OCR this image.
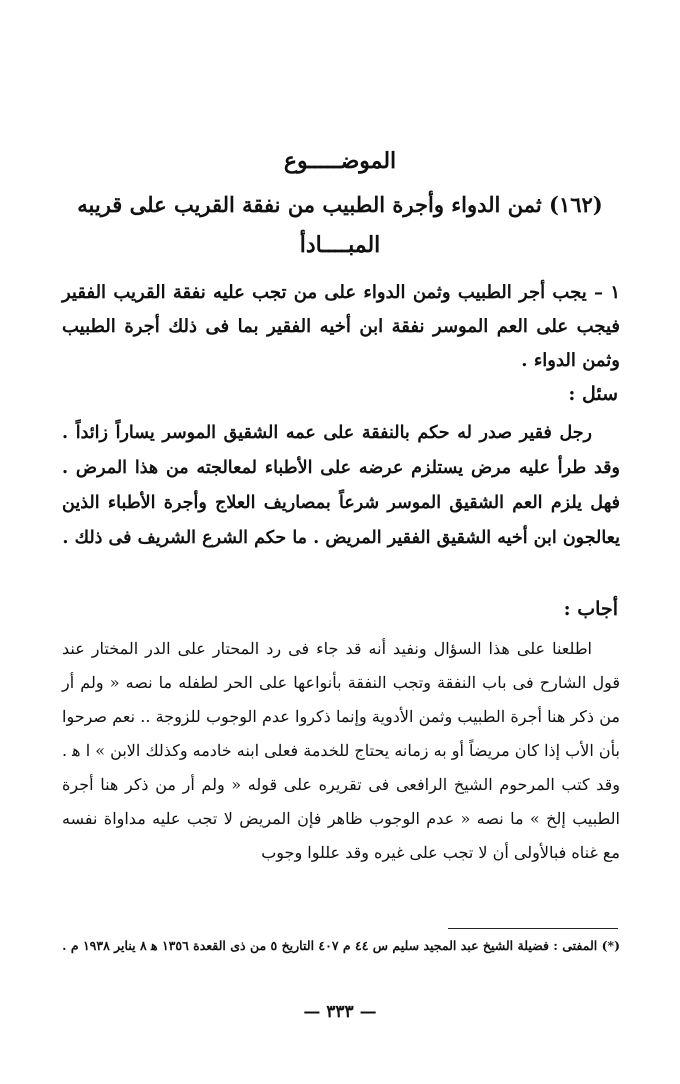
الموضـــــوع
(١٦٢) ثمن الدواء وأجرة الطبيب من نفقة القريب على قريبه
المبــــادأ

١ – يجب أجر الطبيب وثمن الدواء على من تجب عليه نفقة القريب الفقير فيجب على العم الموسر نفقة ابن أخيه الفقير بما فى ذلك أجرة الطبيب وثمن الدواء .

سئل :

رجل فقير صدر له حكم بالنفقة على عمه الشقيق الموسر يساراً زائداً . وقد طرأ عليه مرض يستلزم عرضه على الأطباء لمعالجته من هذا المرض . فهل يلزم العم الشقيق الموسر شرعاً بمصاريف العلاج وأجرة الأطباء الذين يعالجون ابن أخيه الشقيق الفقير المريض . ما حكم الشرع الشريف فى ذلك .

أجاب :

اطلعنا على هذا السؤال ونفيد أنه قد جاء فى رد المحتار على الدر المختار عند قول الشارح فى باب النفقة وتجب النفقة بأنواعها على الحر لطفله ما نصه « ولم أر من ذكر هنا أجرة الطبيب وثمن الأدوية وإنما ذكروا عدم الوجوب للزوجة .. نعم صرحوا بأن الأب إذا كان مريضاً أو به زمانه يحتاج للخدمة فعلى ابنه خادمه وكذلك الابن » ا ﻫ . وقد كتب المرحوم الشيخ الرافعى فى تقريره على قوله « ولم أر من ذكر هنا أجرة الطبيب إلخ » ما نصه « عدم الوجوب ظاهر فإن المريض لا تجب عليه مداواة نفسه مع غناه فبالأولى أن لا تجب على غيره وقد عللوا وجوب

(*) المفتى : فضيلة الشيخ عبد المجيد سليم س ٤٤ م ٤٠٧ التاريخ ٥ من ذى القعدة ١٣٥٦ ﻫ ٨ يناير ١٩٣٨ م .

— ٣٣٣ —
